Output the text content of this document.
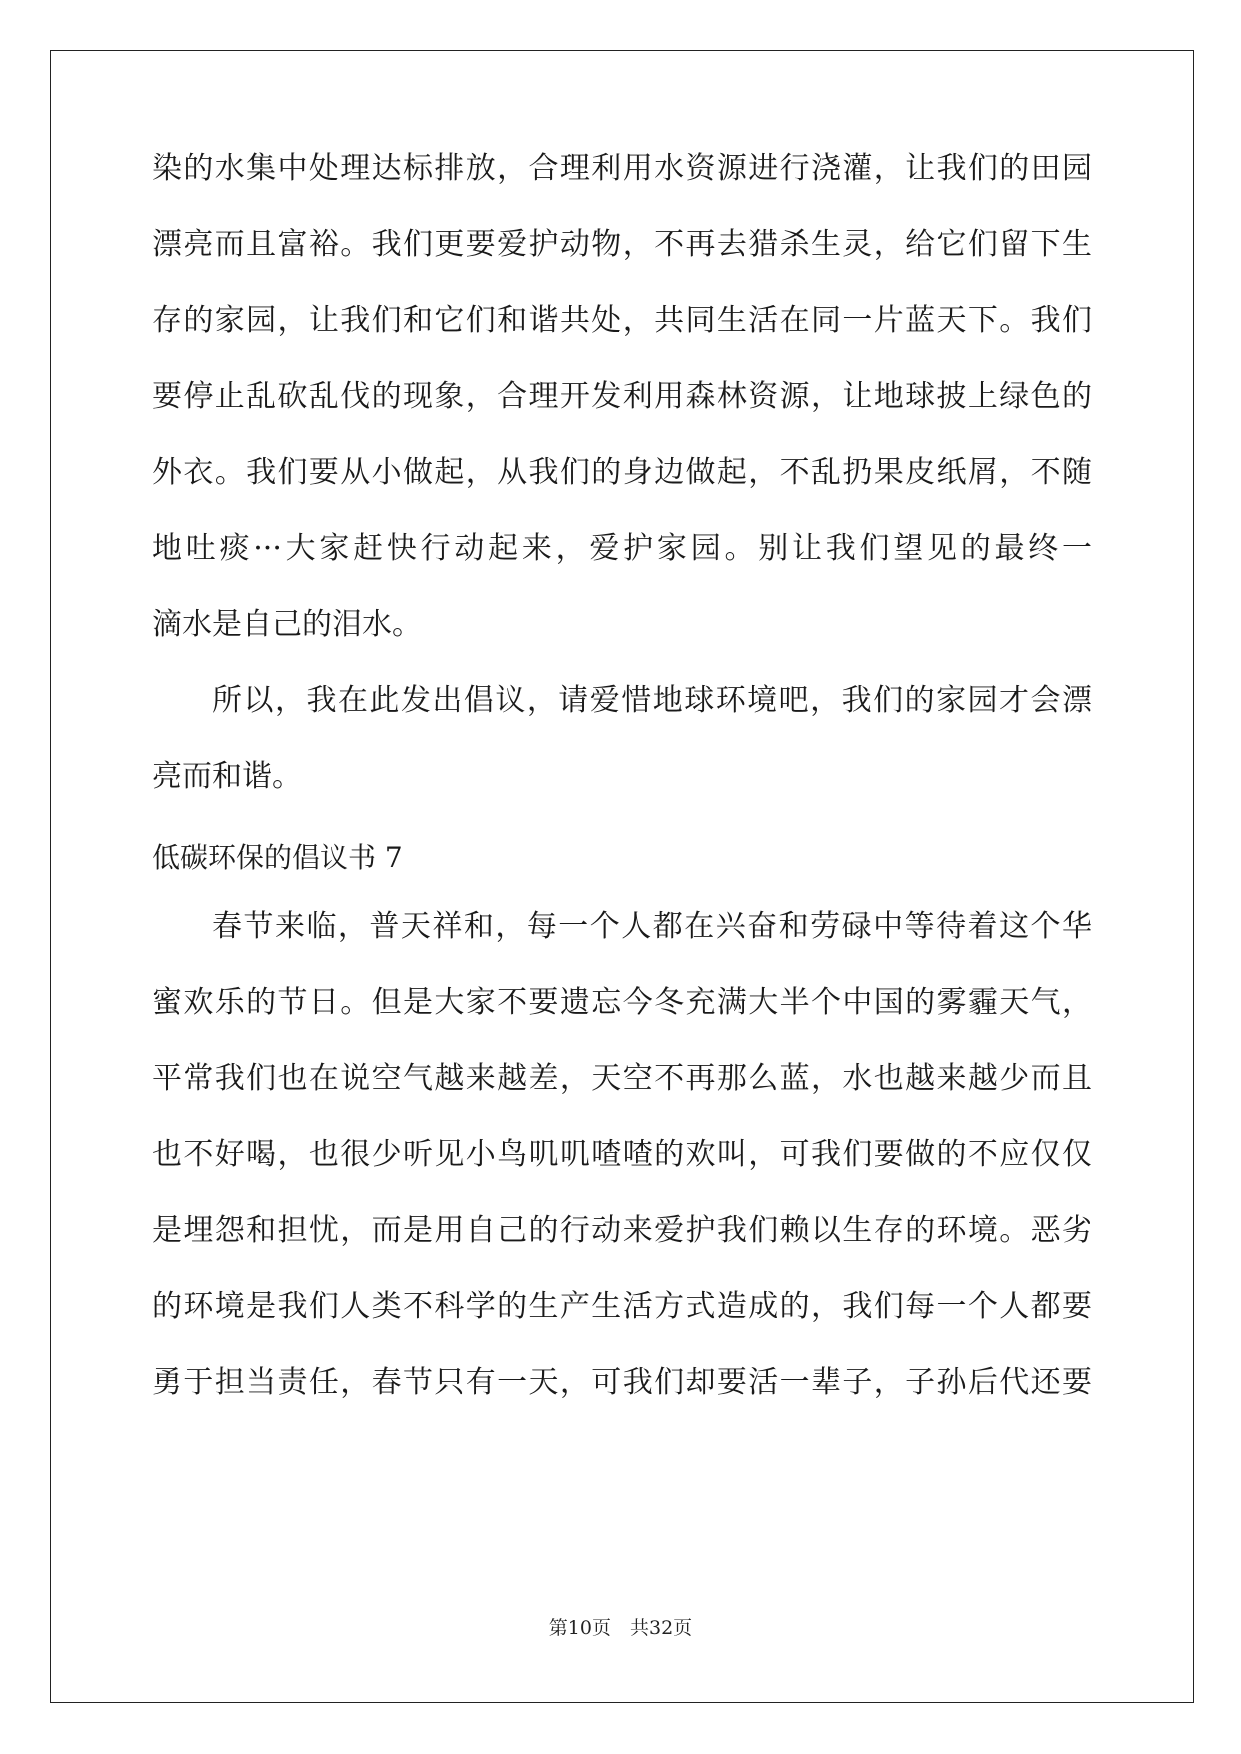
染的水集中处理达标排放，合理利用水资源进行浇灌，让我们的田园
漂亮而且富裕。我们更要爱护动物，不再去猎杀生灵，给它们留下生
存的家园，让我们和它们和谐共处，共同生活在同一片蓝天下。我们
要停止乱砍乱伐的现象，合理开发利用森林资源，让地球披上绿色的
外衣。我们要从小做起，从我们的身边做起，不乱扔果皮纸屑，不随
地吐痰···大家赶快行动起来，爱护家园。别让我们望见的最终一
滴水是自己的泪水。
所以，我在此发出倡议，请爱惜地球环境吧，我们的家园才会漂
亮而和谐。
低碳环保的倡议书 7
春节来临，普天祥和，每一个人都在兴奋和劳碌中等待着这个华
蜜欢乐的节日。但是大家不要遗忘今冬充满大半个中国的雾霾天气，
平常我们也在说空气越来越差，天空不再那么蓝，水也越来越少而且
也不好喝，也很少听见小鸟叽叽喳喳的欢叫，可我们要做的不应仅仅
是埋怨和担忧，而是用自己的行动来爱护我们赖以生存的环境。恶劣
的环境是我们人类不科学的生产生活方式造成的，我们每一个人都要
勇于担当责任，春节只有一天，可我们却要活一辈子，子孙后代还要
第10页　 共32页
